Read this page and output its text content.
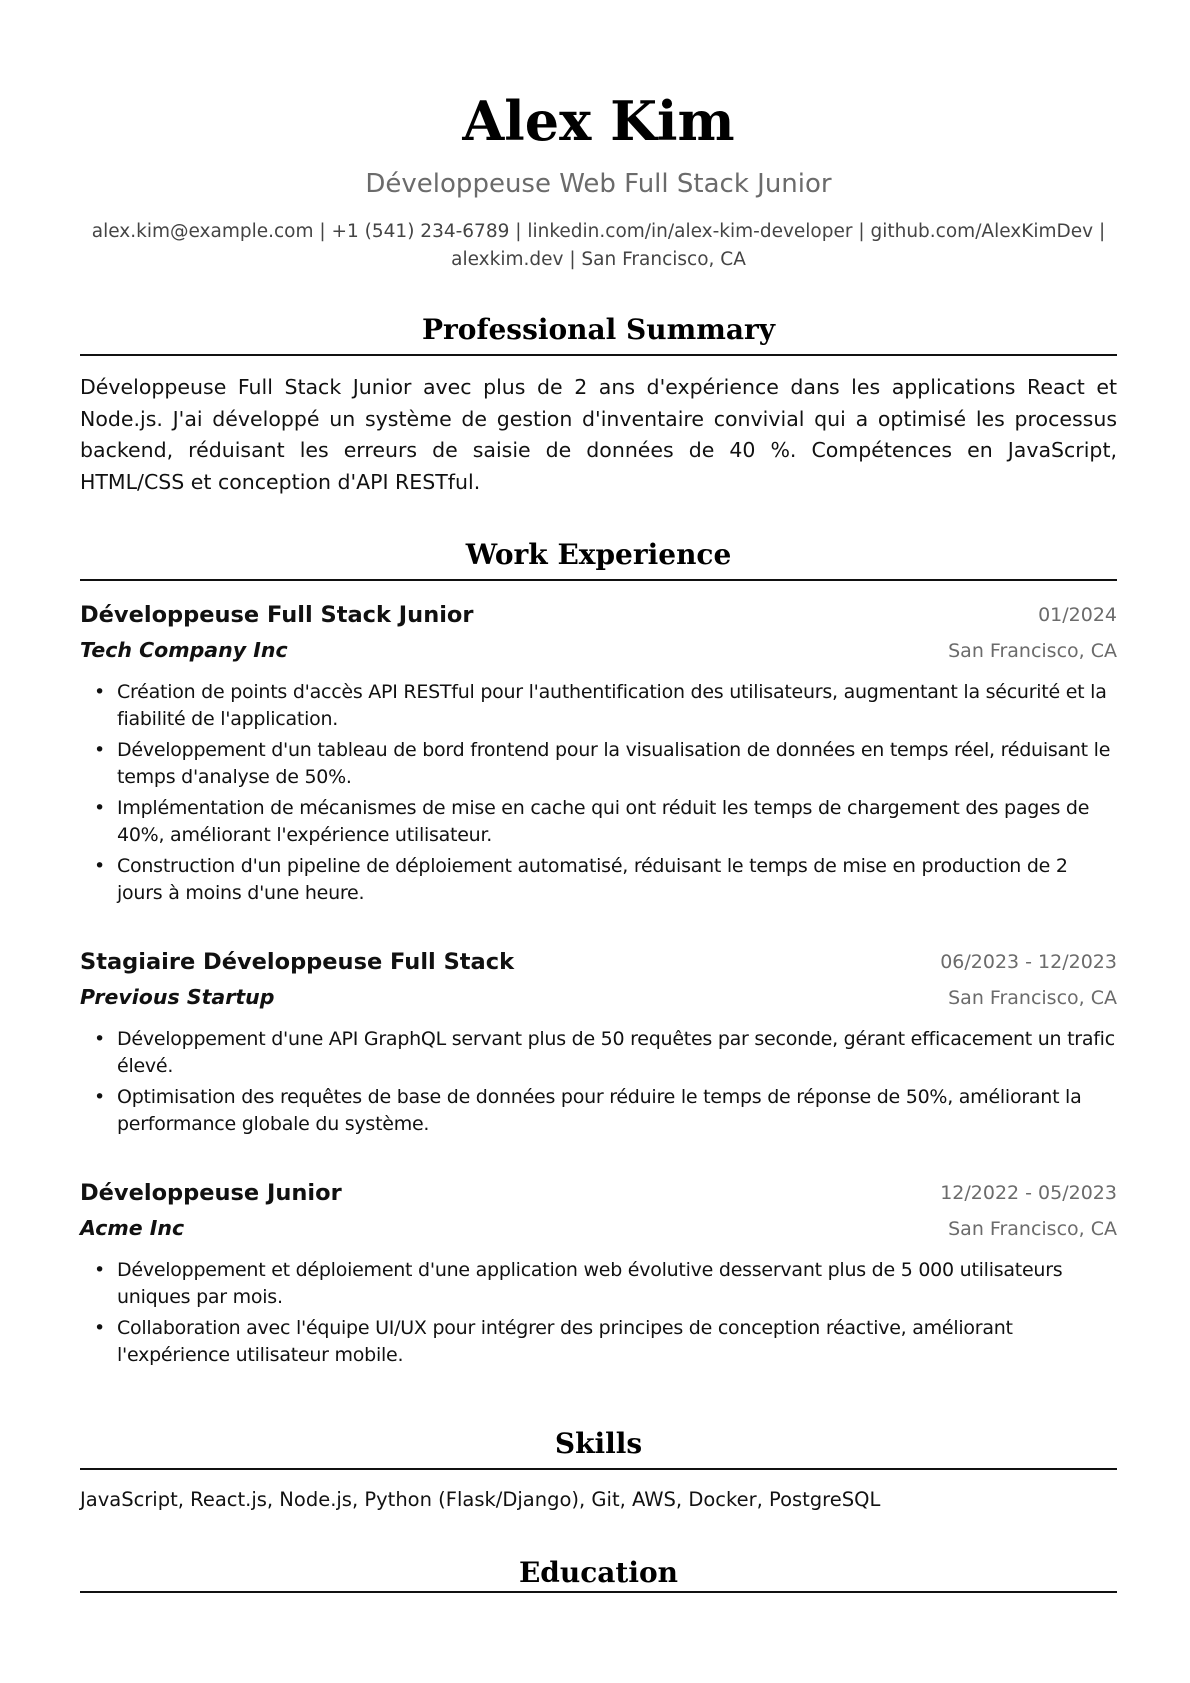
Alex Kim
Développeuse Web Full Stack Junior
alex.kim@example.com | +1 (541) 234-6789 | linkedin.com/in/alex-kim-developer | github.com/AlexKimDev |
alexkim.dev | San Francisco, CA
Professional Summary
Développeuse Full Stack Junior avec plus de 2 ans d'expérience dans les applications React et Node.js. J'ai développé un système de gestion d'inventaire convivial qui a optimisé les processus backend, réduisant les erreurs de saisie de données de 40 %. Compétences en JavaScript, HTML/CSS et conception d'API RESTful.
Work Experience
Développeuse Full Stack Junior	01/2024
Tech Company Inc	San Francisco, CA
• Création de points d'accès API RESTful pour l'authentification des utilisateurs, augmentant la sécurité et la fiabilité de l'application.
• Développement d'un tableau de bord frontend pour la visualisation de données en temps réel, réduisant le temps d'analyse de 50%.
• Implémentation de mécanismes de mise en cache qui ont réduit les temps de chargement des pages de 40%, améliorant l'expérience utilisateur.
• Construction d'un pipeline de déploiement automatisé, réduisant le temps de mise en production de 2 jours à moins d'une heure.
Stagiaire Développeuse Full Stack	06/2023 - 12/2023
Previous Startup	San Francisco, CA
• Développement d'une API GraphQL servant plus de 50 requêtes par seconde, gérant efficacement un trafic élevé.
• Optimisation des requêtes de base de données pour réduire le temps de réponse de 50%, améliorant la performance globale du système.
Développeuse Junior	12/2022 - 05/2023
Acme Inc	San Francisco, CA
• Développement et déploiement d'une application web évolutive desservant plus de 5 000 utilisateurs uniques par mois.
• Collaboration avec l'équipe UI/UX pour intégrer des principes de conception réactive, améliorant l'expérience utilisateur mobile.
Skills
JavaScript, React.js, Node.js, Python (Flask/Django), Git, AWS, Docker, PostgreSQL
Education
